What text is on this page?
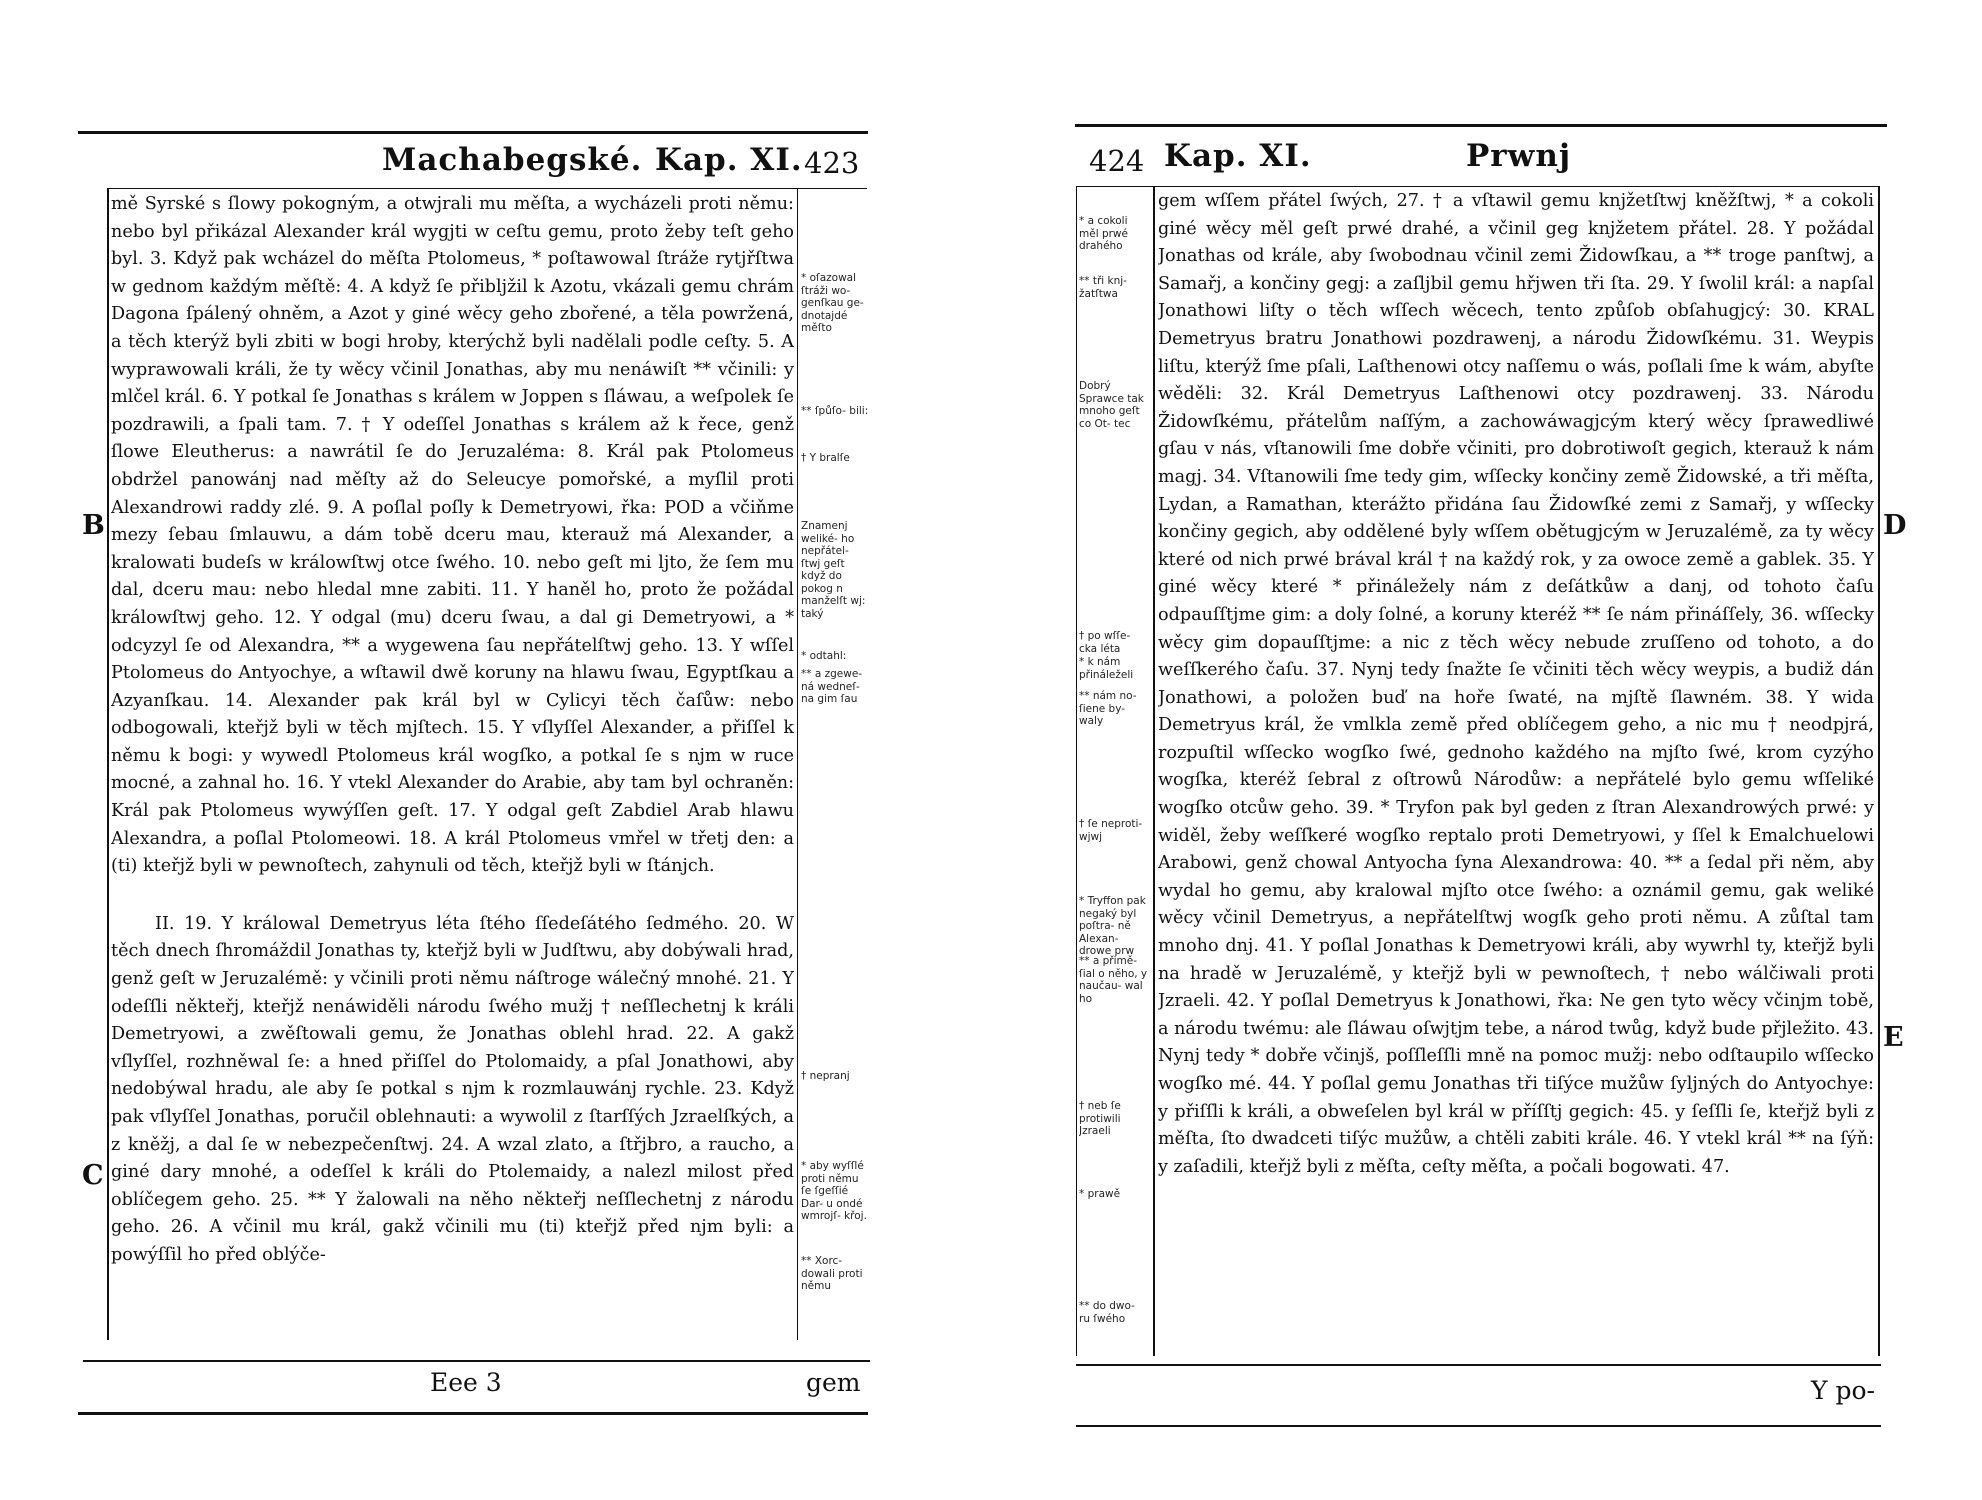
Machabegské. Kap. XI. 423

mě Syrské s ſlowy pokogným, a otwjrali mu měſta, a wycházeli proti němu: nebo byl přikázal Alexander král wygjti w ceſtu gemu, proto žeby teſt geho byl. 3. Když pak wcházel do měſta Ptolomeus, * poſtawowal ſtráže rytjřſtwa w gednom každým měſtě: 4. A když ſe přibljžil k Azotu, vkázali gemu chrám Dagona ſpálený ohněm, a Azot y giné wěcy geho zbořené, a těla powržená, a těch kterýž byli zbiti w bogi hroby, kterýchž byli nadělali podle ceſty. 5. A wyprawowali králi, že ty wěcy včinil Jonathas, aby mu nenáwiſt ** včinili: y mlčel král. 6. Y potkal ſe Jonathas s králem w Joppen s ſláwau, a weſpolek ſe pozdrawili, a ſpali tam. 7. † Y odeſſel Jonathas s králem až k řece, genž ſlowe Eleutherus: a nawrátil ſe do Jeruzaléma: 8. Král pak Ptolomeus obdržel panowánj nad měſty až do Seleucye pomořské, a myſlil proti Alexandrowi raddy zlé. 9. A poſlal poſly k Demetryowi, řka: POD a včiňme mezy ſebau ſmlauwu, a dám tobě dceru mau, kterauž má Alexander, a kralowati budeſs w králowſtwj otce ſwého. 10. nebo geſt mi ljto, že ſem mu dal, dceru mau: nebo hledal mne zabiti. 11. Y haněl ho, proto že požádal králowſtwj geho. 12. Y odgal (mu) dceru ſwau, a dal gi Demetryowi, a * odcyzyl ſe od Alexandra, ** a wygewena ſau nepřátelſtwj geho. 13. Y wſſel Ptolomeus do Antyochye, a wſtawil dwě koruny na hlawu ſwau, Egyptſkau a Azyanſkau. 14. Alexander pak král byl w Cylicyi těch čaſůw: nebo odbogowali, kteřjž byli w těch mjſtech. 15. Y vſlyſſel Alexander, a přiſſel k němu k bogi: y wywedl Ptolomeus král wogſko, a potkal ſe s njm w ruce mocné, a zahnal ho. 16. Y vtekl Alexander do Arabie, aby tam byl ochraněn: Král pak Ptolomeus wywýſſen geſt. 17. Y odgal geſt Zabdiel Arab hlawu Alexandra, a poſlal Ptolomeowi. 18. A král Ptolomeus vmřel w třetj den: a (ti) kteřjž byli w pewnoſtech, zahynuli od těch, kteřjž byli w ſtánjch.

II. 19. Y králowal Demetryus léta ſtého ſſedeſátého ſedmého. 20. W těch dnech ſhromáždil Jonathas ty, kteřjž byli w Judſtwu, aby dobýwali hrad, genž geſt w Jeruzalémě: y včinili proti němu náſtroge wálečný mnohé. 21. Y odeſſli někteřj, kteřjž nenáwiděli národu ſwého mužj † neſſlechetnj k králi Demetryowi, a zwěſtowali gemu, že Jonathas oblehl hrad. 22. A gakž vſlyſſel, rozhněwal ſe: a hned přiſſel do Ptolomaidy, a pſal Jonathowi, aby nedobýwal hradu, ale aby ſe potkal s njm k rozmlauwánj rychle. 23. Když pak vſlyſſel Jonathas, poručil oblehnauti: a wywolil z ſtarſſých Jzraelſkých, a z kněžj, a dal ſe w nebezpečenſtwj. 24. A wzal zlato, a ſtřjbro, a raucho, a giné dary mnohé, a odeſſel k králi do Ptolemaidy, a nalezl milost před oblíčegem geho. 25. ** Y žalowali na něho někteřj neſſlechetnj z národu geho. 26. A včinil mu král, gakž včinili mu (ti) kteřjž před njm byli: a powýſſil ho před oblýče-

B
C
* oſazowal ſtráži wo- genſkau ge- dnotajdé měſto
** ſpůſo- bili:
† Y bralſe
Znamenj weliké- ho nepřátel- ſtwj geſt když do pokog n manželſt wj: taký
* odtahl:
** a zgewe- ná wedneſ- na gim ſau
† nepranj
* aby wyſſlé proti němu ſe ſgeſſié Dar- u ondé wmrojſ- křoj.
** Xorc- dowali proti němu
Eee 3	gem
424 Kap. XI.	Prwnj

gem wſſem přátel ſwých, 27. † a vſtawil gemu knjžetſtwj kněžſtwj, * a cokoli giné wěcy měl geſt prwé drahé, a včinil geg knjžetem přátel. 28. Y požádal Jonathas od krále, aby ſwobodnau včinil zemi Židowſkau, a ** troge panſtwj, a Samařj, a končiny gegj: a zaſljbil gemu hřjwen tři ſta. 29. Y ſwolil král: a napſal Jonathowi liſty o těch wſſech wěcech, tento způſob obſahugjcý: 30. KRAL Demetryus bratru Jonathowi pozdrawenj, a národu Židowſkému. 31. Weypis liſtu, kterýž ſme pſali, Laſthenowi otcy naſſemu o wás, poſlali ſme k wám, abyſte wěděli: 32. Král Demetryus Laſthenowi otcy pozdrawenj. 33. Národu Židowſkému, přátelům naſſým, a zachowáwagjcým který wěcy ſprawedliwé gſau v nás, vſtanowili ſme dobře včiniti, pro dobrotiwoſt gegich, kterauž k nám magj. 34. Vſtanowili ſme tedy gim, wſſecky končiny země Židowské, a tři měſta, Lydan, a Ramathan, kterážto přidána ſau Židowſké zemi z Samařj, y wſſecky končiny gegich, aby oddělené byly wſſem obětugjcým w Jeruzalémě, za ty wěcy které od nich prwé brával král † na každý rok, y za owoce země a gablek. 35. Y giné wěcy které * přináležely nám z deſátkůw a danj, od tohoto čaſu odpauſſtjme gim: a doly ſolné, a koruny kteréž ** ſe nám přináſſely, 36. wſſecky wěcy gim dopauſſtjme: a nic z těch wěcy nebude zruſſeno od tohoto, a do weſſkerého čaſu. 37. Nynj tedy ſnažte ſe včiniti těch wěcy weypis, a budiž dán Jonathowi, a položen buď na hoře ſwaté, na mjſtě ſlawném. 38. Y wida Demetryus král, že vmlkla země před oblíčegem geho, a nic mu † neodpjrá, rozpuſtil wſſecko wogſko ſwé, gednoho každého na mjſto ſwé, krom cyzýho wogſka, kteréž ſebral z oſtrowů Národůw: a nepřátelé bylo gemu wſſeliké wogſko otcůw geho. 39. * Tryfon pak byl geden z ſtran Alexandrowých prwé: y widěl, žeby weſſkeré wogſko reptalo proti Demetryowi, y ſſel k Emalchuelowi Arabowi, genž chowal Antyocha ſyna Alexandrowa: 40. ** a ſedal při něm, aby wydal ho gemu, aby kralowal mjſto otce ſwého: a oznámil gemu, gak weliké wěcy včinil Demetryus, a nepřátelſtwj wogſk geho proti němu. A zůſtal tam mnoho dnj. 41. Y poſlal Jonathas k Demetryowi králi, aby wywrhl ty, kteřjž byli na hradě w Jeruzalémě, y kteřjž byli w pewnoſtech, † nebo wálčiwali proti Jzraeli. 42. Y poſlal Demetryus k Jonathowi, řka: Ne gen tyto wěcy včinjm tobě, a národu twému: ale ſláwau oſwjtjm tebe, a národ twůg, když bude přjležito. 43. Nynj tedy * dobře včinjš, poſſleſſli mně na pomoc mužj: nebo odſtaupilo wſſecko wogſko mé. 44. Y poſlal gemu Jonathas tři tiſýce mužůw ſyljných do Antyochye: y přiſſli k králi, a obweſelen byl král w příſſtj gegich: 45. y ſeſſli ſe, kteřjž byli z měſta, ſto dwadceti tiſýc mužůw, a chtěli zabiti krále. 46. Y vtekl král ** na ſýň: y zaſadili, kteřjž byli z měſta, ceſty měſta, a počali bogowati. 47.

D
E
* a cokoli měl prwé drahého
** tři knj- žatſtwa
Dobrý Sprawce tak mnoho geſt co Ot- tec
† po wſſe- cka léta
* k nám přináleželi
** nám no- ſiene by- waly
† ſe neproti- wjwj
* Tryffon pak negaký byl poſtra- ně Alexan- drowe prw
** a přimě- ſial o něho, y naučau- wal ho
† neb ſe protiwili Jzraeli
* prawě
** do dwo- ru ſwého
Y po-
